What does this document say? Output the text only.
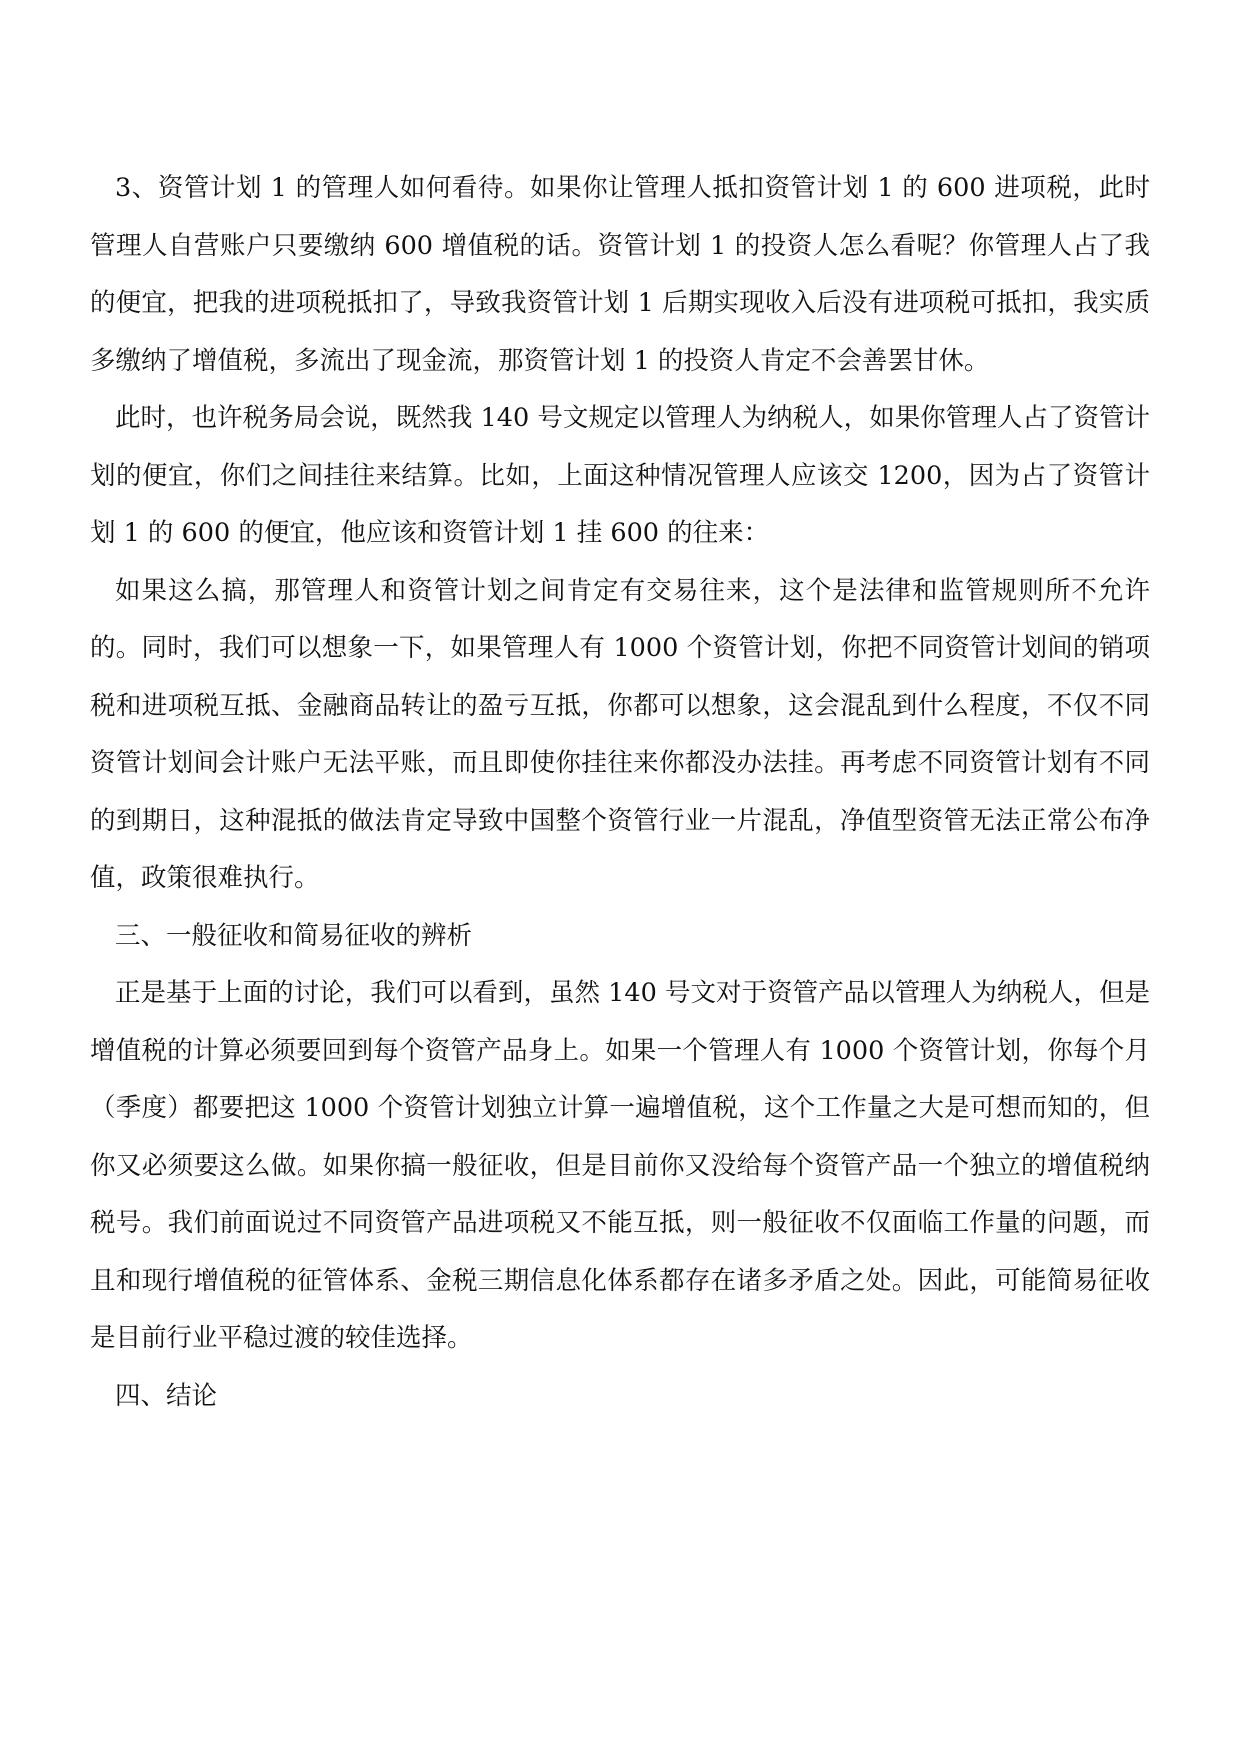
3、资管计划 1 的管理人如何看待。如果你让管理人抵扣资管计划 1 的 600 进项税，此时管理人自营账户只要缴纳 600 增值税的话。资管计划 1 的投资人怎么看呢？你管理人占了我的便宜，把我的进项税抵扣了，导致我资管计划 1 后期实现收入后没有进项税可抵扣，我实质多缴纳了增值税，多流出了现金流，那资管计划 1 的投资人肯定不会善罢甘休。

此时，也许税务局会说，既然我 140 号文规定以管理人为纳税人，如果你管理人占了资管计划的便宜，你们之间挂往来结算。比如，上面这种情况管理人应该交 1200，因为占了资管计划 1 的 600 的便宜，他应该和资管计划 1 挂 600 的往来：

如果这么搞，那管理人和资管计划之间肯定有交易往来，这个是法律和监管规则所不允许的。同时，我们可以想象一下，如果管理人有 1000 个资管计划，你把不同资管计划间的销项税和进项税互抵、金融商品转让的盈亏互抵，你都可以想象，这会混乱到什么程度，不仅不同资管计划间会计账户无法平账，而且即使你挂往来你都没办法挂。再考虑不同资管计划有不同的到期日，这种混抵的做法肯定导致中国整个资管行业一片混乱，净值型资管无法正常公布净值，政策很难执行。

三、一般征收和简易征收的辨析

正是基于上面的讨论，我们可以看到，虽然 140 号文对于资管产品以管理人为纳税人，但是增值税的计算必须要回到每个资管产品身上。如果一个管理人有 1000 个资管计划，你每个月（季度）都要把这 1000 个资管计划独立计算一遍增值税，这个工作量之大是可想而知的，但你又必须要这么做。如果你搞一般征收，但是目前你又没给每个资管产品一个独立的增值税纳税号。我们前面说过不同资管产品进项税又不能互抵，则一般征收不仅面临工作量的问题，而且和现行增值税的征管体系、金税三期信息化体系都存在诸多矛盾之处。因此，可能简易征收是目前行业平稳过渡的较佳选择。

四、结论
